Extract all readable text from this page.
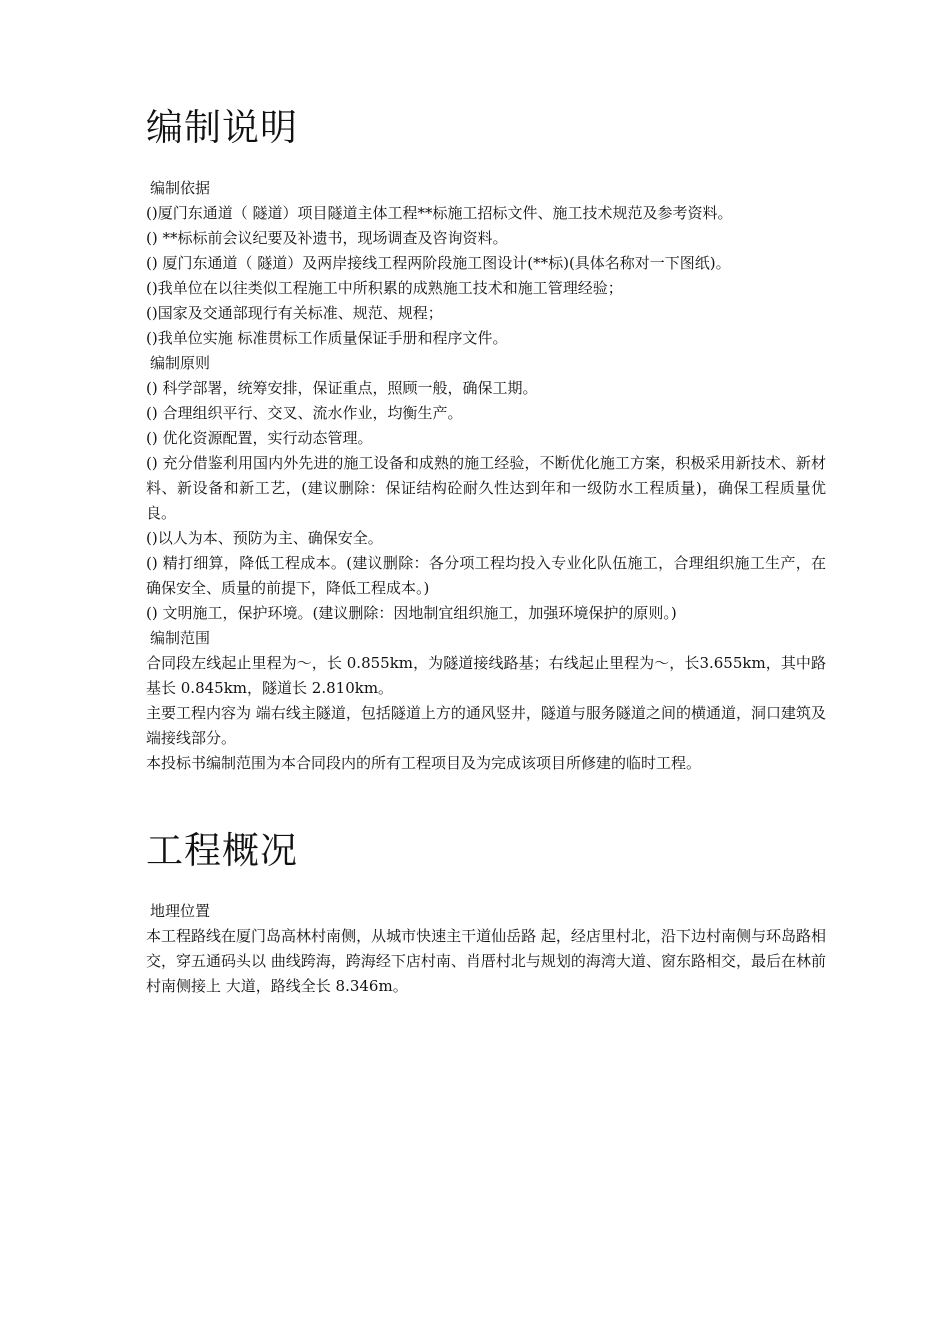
编制说明

编制依据

()厦门东通道（ 隧道）项目隧道主体工程**标施工招标文件、施工技术规范及参考资料。

() **标标前会议纪要及补遗书，现场调查及咨询资料。

() 厦门东通道（ 隧道）及两岸接线工程两阶段施工图设计(**标)(具体名称对一下图纸)。

()我单位在以往类似工程施工中所积累的成熟施工技术和施工管理经验；

()国家及交通部现行有关标准、规范、规程；

()我单位实施 标准贯标工作质量保证手册和程序文件。

编制原则

() 科学部署，统筹安排，保证重点，照顾一般，确保工期。

() 合理组织平行、交叉、流水作业，均衡生产。

() 优化资源配置，实行动态管理。

() 充分借鉴利用国内外先进的施工设备和成熟的施工经验，不断优化施工方案，积极采用新技术、新材料、新设备和新工艺，(建议删除：保证结构砼耐久性达到年和一级防水工程质量)，确保工程质量优良。

()以人为本、预防为主、确保安全。

() 精打细算，降低工程成本。(建议删除：各分项工程均投入专业化队伍施工，合理组织施工生产，在确保安全、质量的前提下，降低工程成本。)

() 文明施工，保护环境。(建议删除：因地制宜组织施工，加强环境保护的原则。)

编制范围

合同段左线起止里程为～，长 0.855km，为隧道接线路基；右线起止里程为～，长3.655km，其中路基长 0.845km，隧道长 2.810km。

主要工程内容为 端右线主隧道，包括隧道上方的通风竖井，隧道与服务隧道之间的横通道，洞口建筑及 端接线部分。

本投标书编制范围为本合同段内的所有工程项目及为完成该项目所修建的临时工程。

工程概况

地理位置

本工程路线在厦门岛高林村南侧，从城市快速主干道仙岳路 起，经店里村北，沿下边村南侧与环岛路相交，穿五通码头以 曲线跨海，跨海经下店村南、肖厝村北与规划的海湾大道、窗东路相交，最后在林前村南侧接上 大道，路线全长 8.346m。
